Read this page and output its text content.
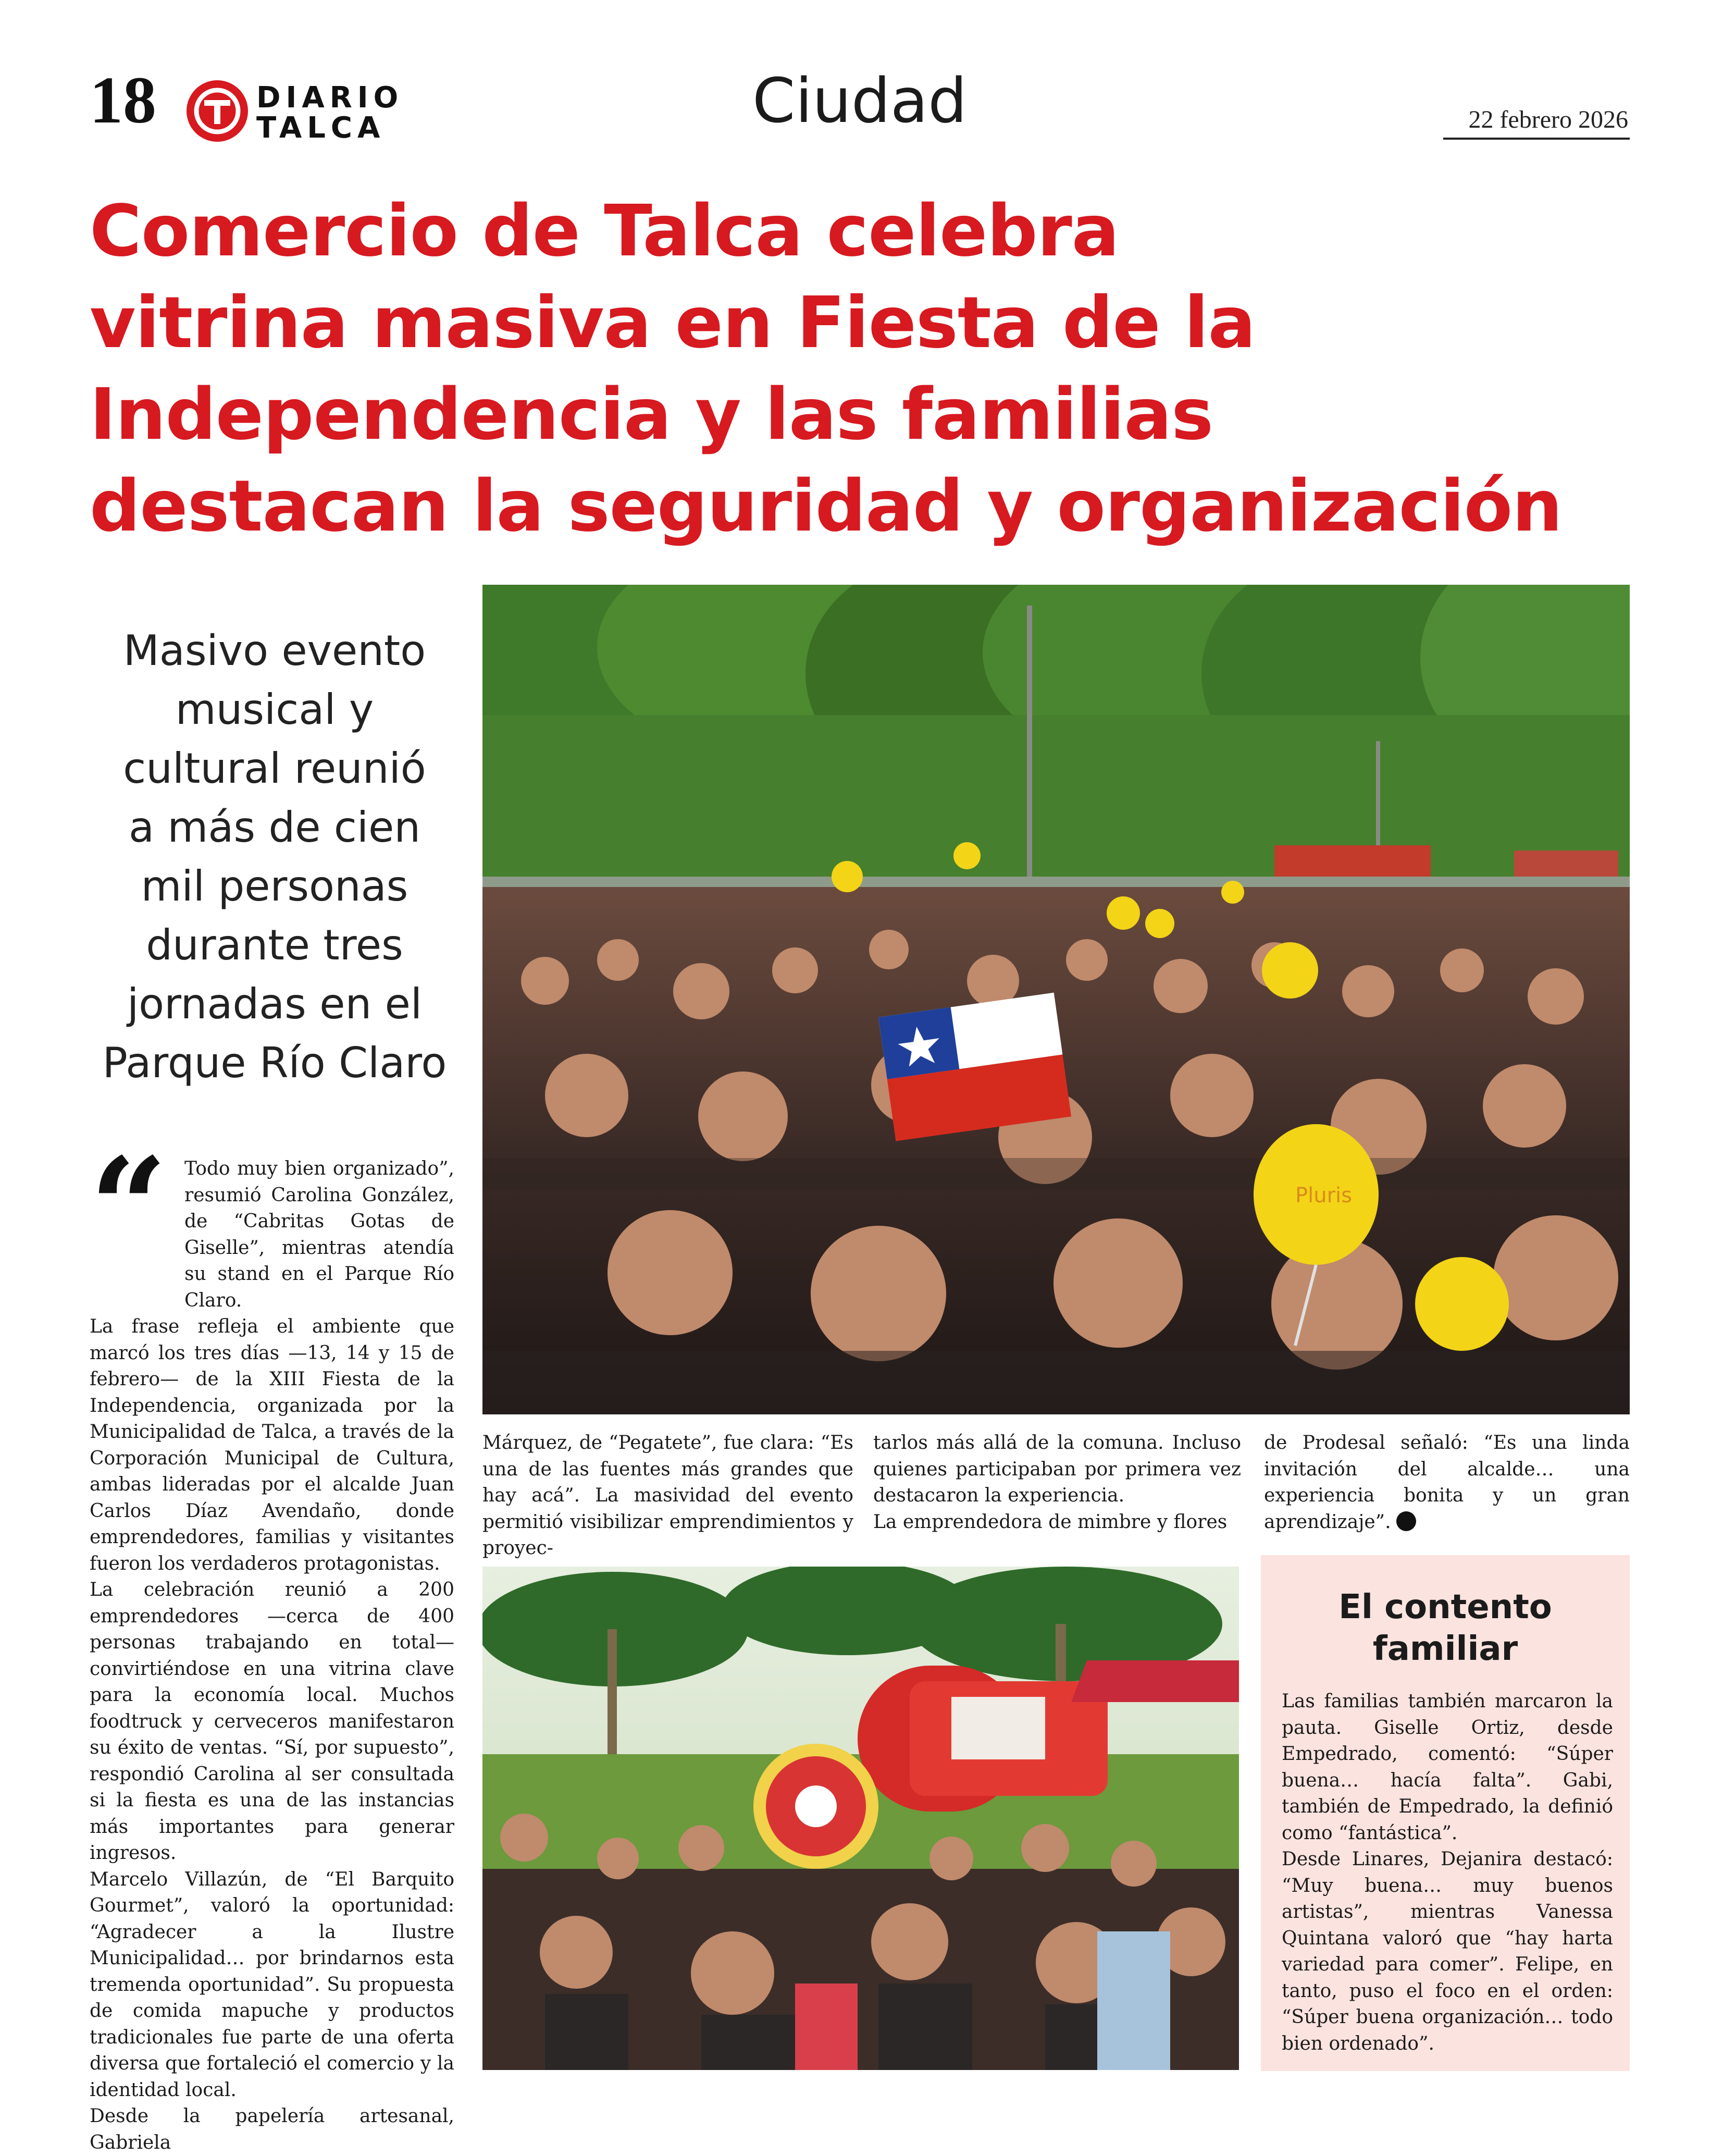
18	DIARIO
TALCA	Ciudad	22 febrero 2026
Comercio de Talca celebra
vitrina masiva en Fiesta de la
Independencia y las familias
destacan la seguridad y organización
Masivo evento
musical y
cultural reunió
a más de cien
mil personas
durante tres
jornadas en el
Parque Río Claro
“ Todo muy bien organizado”, resumió Carolina González, de “Cabritas Gotas de Giselle”, mientras atendía su stand en el Parque Río Claro.

La frase refleja el ambiente que marcó los tres días —13, 14 y 15 de febrero— de la XIII Fiesta de la Independencia, organizada por la Municipalidad de Talca, a través de la Corporación Municipal de Cultura, ambas lideradas por el alcalde Juan Carlos Díaz Avendaño, donde emprendedores, familias y visitantes fueron los verdaderos protagonistas.

La celebración reunió a 200 emprendedores —cerca de 400 personas trabajando en total— convirtiéndose en una vitrina clave para la economía local. Muchos foodtruck y cerveceros manifestaron su éxito de ventas. “Sí, por supuesto”, respondió Carolina al ser consultada si la fiesta es una de las instancias más importantes para generar ingresos.

Marcelo Villazún, de “El Barquito Gourmet”, valoró la oportunidad: “Agradecer a la Ilustre Municipalidad… por brindarnos esta tremenda oportunidad”. Su propuesta de comida mapuche y productos tradicionales fue parte de una oferta diversa que fortaleció el comercio y la identidad local.

Desde la papelería artesanal, Gabriela

Pluris

Márquez, de “Pegatete”, fue clara: “Es una de las fuentes más grandes que hay acá”. La masividad del evento permitió visibilizar emprendimientos y proyec-

tarlos más allá de la comuna. Incluso quienes participaban por primera vez destacaron la experiencia.

La emprendedora de mimbre y flores

de Prodesal señaló: “Es una linda invitación del alcalde… una experiencia bonita y un gran aprendizaje”.

El contento
familiar

Las familias también marcaron la pauta. Giselle Ortiz, desde Empedrado, comentó: “Súper buena… hacía falta”. Gabi, también de Empedrado, la definió como “fantástica”.

Desde Linares, Dejanira destacó: “Muy buena… muy buenos artistas”, mientras Vanessa Quintana valoró que “hay harta variedad para comer”. Felipe, en tanto, puso el foco en el orden: “Súper buena organización… todo bien ordenado”.
